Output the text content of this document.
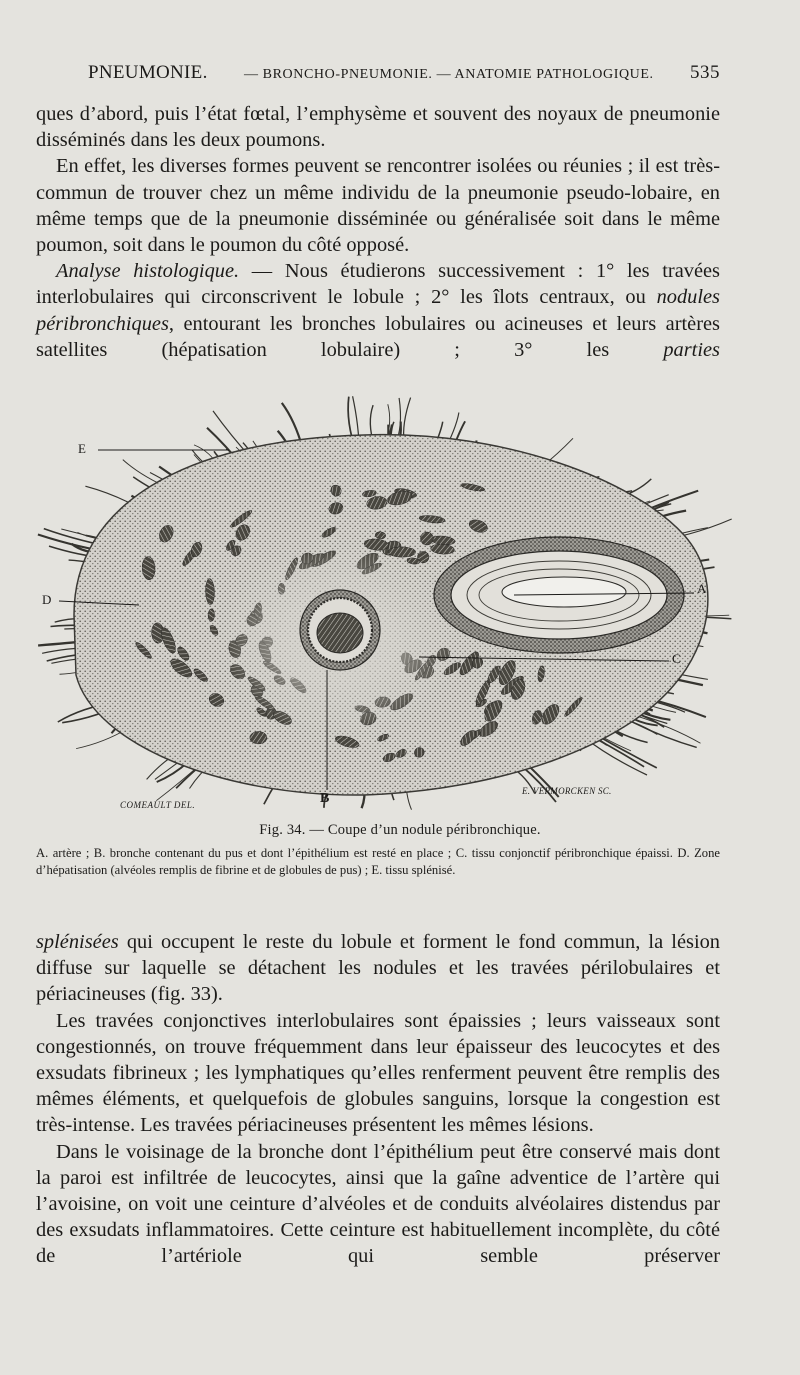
PNEUMONIE.	— BRONCHO-PNEUMONIE. — ANATOMIE PATHOLOGIQUE. 535

ques d’abord, puis l’état fœtal, l’emphysème et souvent des noyaux de pneumonie disséminés dans les deux poumons.

En effet, les diverses formes peuvent se rencontrer isolées ou réunies ; il est très-commun de trouver chez un même individu de la pneumonie pseudo-lobaire, en même temps que de la pneumonie disséminée ou généralisée soit dans le même poumon, soit dans le poumon du côté opposé.

Analyse histologique. — Nous étudierons successivement : 1° les travées interlobulaires qui circonscrivent le lobule ; 2° les îlots centraux, ou nodules péribronchiques, entourant les bronches lobulaires ou acineuses et leurs artères satellites (hépatisation lobulaire) ; 3° les parties

E
D
A
C
B
COMEAULT DEL.
E. VERMORCKEN SC.
Fig. 34. — Coupe d’un nodule péribronchique.
A. artère ; B. bronche contenant du pus et dont l’épithélium est resté en place ; C. tissu conjonctif péribronchique épaissi. D. Zone d’hépatisation (alvéoles remplis de fibrine et de globules de pus) ; E. tissu splénisé.

splénisées qui occupent le reste du lobule et forment le fond commun, la lésion diffuse sur laquelle se détachent les nodules et les travées périlobulaires et périacineuses (fig. 33).

Les travées conjonctives interlobulaires sont épaissies ; leurs vaisseaux sont congestionnés, on trouve fréquemment dans leur épaisseur des leucocytes et des exsudats fibrineux ; les lymphatiques qu’elles renferment peuvent être remplis des mêmes éléments, et quelquefois de globules sanguins, lorsque la congestion est très-intense. Les travées périacineuses présentent les mêmes lésions.

Dans le voisinage de la bronche dont l’épithélium peut être conservé mais dont la paroi est infiltrée de leucocytes, ainsi que la gaîne adventice de l’artère qui l’avoisine, on voit une ceinture d’alvéoles et de conduits alvéolaires distendus par des exsudats inflammatoires. Cette ceinture est habituellement incomplète, du côté de l’artériole qui semble préserver
